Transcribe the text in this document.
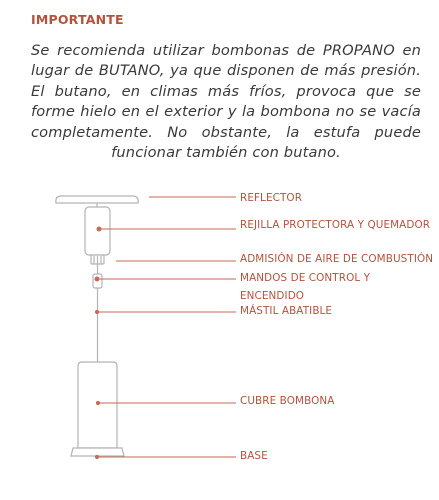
IMPORTANTE

Se recomienda utilizar bombonas de PROPANO en lugar de BUTANO, ya que disponen de más presión. El butano, en climas más fríos, provoca que se forme hielo en el exterior y la bombona no se vacía completamente. No obstante, la estufa puede funcionar también con butano.

REFLECTOR
REJILLA PROTECTORA Y QUEMADOR
ADMISIÓN DE AIRE DE COMBUSTIÓN
MANDOS DE CONTROL Y
ENCENDIDO
MÁSTIL ABATIBLE
CUBRE BOMBONA
BASE
